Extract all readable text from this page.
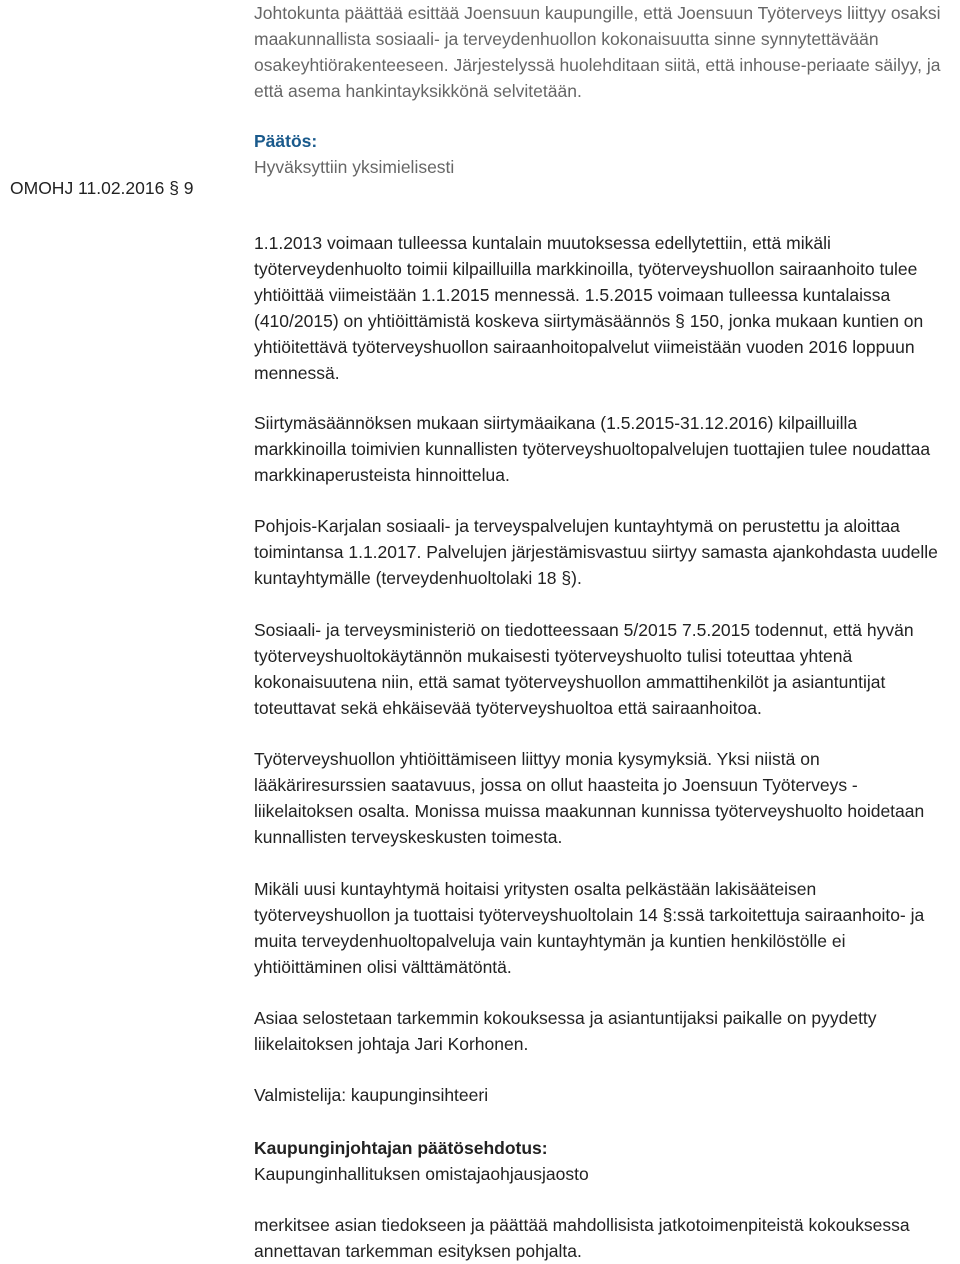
Johtokunta päättää esittää Joensuun kaupungille, että Joensuun Työterveys liittyy osaksi maakunnallista sosiaali- ja terveydenhuollon kokonaisuutta sinne synnytettävään osakeyhtiörakenteeseen. Järjestelyssä huolehditaan siitä, että inhouse-periaate säilyy, ja että asema hankintayksikkönä selvitetään.

Päätös:

Hyväksyttiin yksimielisesti

OMOHJ 11.02.2016 § 9

1.1.2013 voimaan tulleessa kuntalain muutoksessa edellytettiin, että mikäli työterveydenhuolto toimii kilpailluilla markkinoilla, työterveyshuollon sairaanhoito tulee yhtiöittää viimeistään 1.1.2015 mennessä. 1.5.2015 voimaan tulleessa kuntalaissa (410/2015) on yhtiöittämistä koskeva siirtymäsäännös § 150, jonka mukaan kuntien on yhtiöitettävä työterveyshuollon sairaanhoitopalvelut viimeistään vuoden 2016 loppuun mennessä.

Siirtymäsäännöksen mukaan siirtymäaikana (1.5.2015-31.12.2016) kilpailluilla markkinoilla toimivien kunnallisten työterveyshuoltopalvelujen tuottajien tulee noudattaa markkinaperusteista hinnoittelua.

Pohjois-Karjalan sosiaali- ja terveyspalvelujen kuntayhtymä on perustettu ja aloittaa toimintansa 1.1.2017. Palvelujen järjestämisvastuu siirtyy samasta ajankohdasta uudelle kuntayhtymälle (terveydenhuoltolaki 18 §).

Sosiaali- ja terveysministeriö on tiedotteessaan 5/2015 7.5.2015 todennut, että hyvän työterveyshuoltokäytännön mukaisesti työterveyshuolto tulisi toteuttaa yhtenä kokonaisuutena niin, että samat työterveyshuollon ammattihenkilöt ja asiantuntijat toteuttavat sekä ehkäisevää työterveyshuoltoa että sairaanhoitoa.

Työterveyshuollon yhtiöittämiseen liittyy monia kysymyksiä. Yksi niistä on lääkäriresurssien saatavuus, jossa on ollut haasteita jo Joensuun Työterveys -liikelaitoksen osalta. Monissa muissa maakunnan kunnissa työterveyshuolto hoidetaan kunnallisten terveyskeskusten toimesta.

Mikäli uusi kuntayhtymä hoitaisi yritysten osalta pelkästään lakisääteisen työterveyshuollon ja tuottaisi työterveyshuoltolain 14 §:ssä tarkoitettuja sairaanhoito- ja muita terveydenhuoltopalveluja vain kuntayhtymän ja kuntien henkilöstölle ei yhtiöittäminen olisi välttämätöntä.

Asiaa selostetaan tarkemmin kokouksessa ja asiantuntijaksi paikalle on pyydetty liikelaitoksen johtaja Jari Korhonen.

Valmistelija: kaupunginsihteeri

Kaupunginjohtajan päätösehdotus:

Kaupunginhallituksen omistajaohjausjaosto

merkitsee asian tiedokseen ja päättää mahdollisista jatkotoimenpiteistä kokouksessa annettavan tarkemman esityksen pohjalta.
